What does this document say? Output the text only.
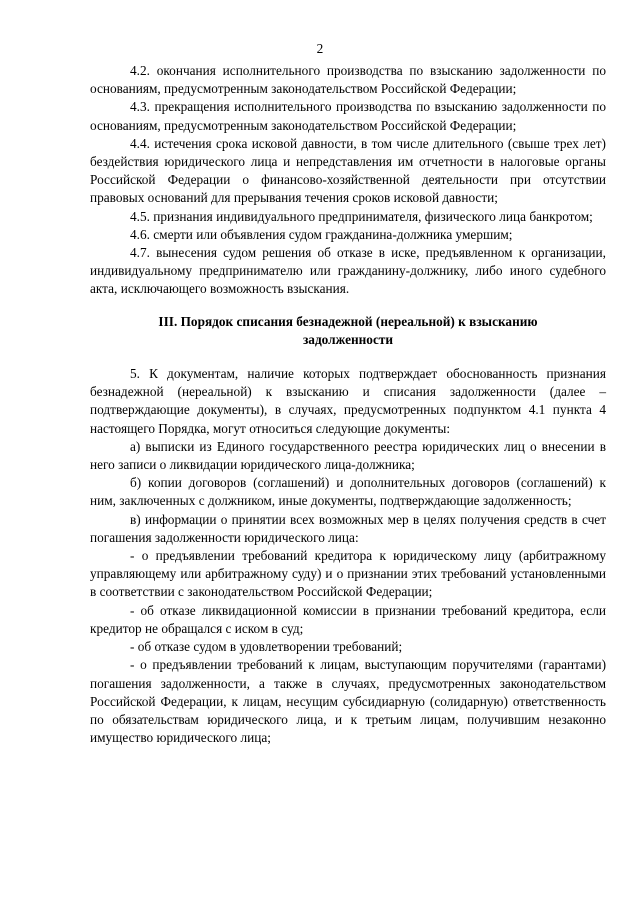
2

4.2. окончания исполнительного производства по взысканию задолженности по основаниям, предусмотренным законодательством Российской Федерации;

4.3. прекращения исполнительного производства по взысканию задолженности по основаниям, предусмотренным законодательством Российской Федерации;

4.4. истечения срока исковой давности, в том числе длительного (свыше трех лет) бездействия юридического лица и непредставления им отчетности в налоговые органы Российской Федерации о финансово-хозяйственной деятельности при отсутствии правовых оснований для прерывания течения сроков исковой давности;

4.5. признания индивидуального предпринимателя, физического лица банкротом;

4.6. смерти или объявления судом гражданина-должника умершим;

4.7. вынесения судом решения об отказе в иске, предъявленном к организации, индивидуальному предпринимателю или гражданину-должнику, либо иного судебного акта, исключающего возможность взыскания.

III. Порядок списания безнадежной (нереальной) к взысканию
задолженности

5. К документам, наличие которых подтверждает обоснованность признания безнадежной (нереальной) к взысканию и списания задолженности (далее – подтверждающие документы), в случаях, предусмотренных подпунктом 4.1 пункта 4 настоящего Порядка, могут относиться следующие документы:

а) выписки из Единого государственного реестра юридических лиц о внесении в него записи о ликвидации юридического лица-должника;

б) копии договоров (соглашений) и дополнительных договоров (соглашений) к ним, заключенных с должником, иные документы, подтверждающие задолженность;

в) информации о принятии всех возможных мер в целях получения средств в счет погашения задолженности юридического лица:

- о предъявлении требований кредитора к юридическому лицу (арбитражному управляющему или арбитражному суду) и о признании этих требований установленными в соответствии с законодательством Российской Федерации;

- об отказе ликвидационной комиссии в признании требований кредитора, если кредитор не обращался с иском в суд;

- об отказе судом в удовлетворении требований;

- о предъявлении требований к лицам, выступающим поручителями (гарантами) погашения задолженности, а также в случаях, предусмотренных законодательством Российской Федерации, к лицам, несущим субсидиарную (солидарную) ответственность по обязательствам юридического лица, и к третьим лицам, получившим незаконно имущество юридического лица;
